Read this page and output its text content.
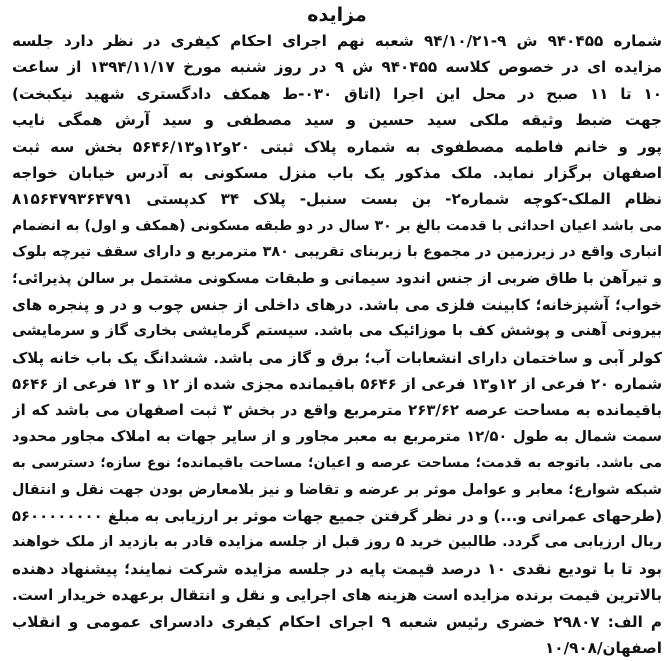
مزایده
شماره ۹۴۰۴۵۵ ش ۹-۹۴/۱۰/۲۱ شعبه نهم اجرای احکام کیفری در نظر دارد جلسه
مزایده ای در خصوص کلاسه ۹۴۰۴۵۵ ش ۹ در روز شنبه مورخ ۱۳۹۴/۱۱/۱۷ از ساعت
۱۰ تا ۱۱ صبح در محل این اجرا (اتاق ۰۳۰-ط همکف دادگستری شهید نیکبخت)
جهت ضبط وثیقه ملکی سید حسین و سید مصطفی و سید آرش همگی نایب
پور و خانم فاطمه مصطفوی به شماره پلاک ثبتی ۲۰و۱۲و۵۶۴۶/۱۳ بخش سه ثبت
اصفهان برگزار نماید. ملک مذکور یک باب منزل مسکونی به آدرس خیابان خواجه
نظام الملک-کوچه شماره۲- بن بست سنبل- پلاک ۳۴ کدپستی ۸۱۵۶۴۷۹۳۶۴۷۹۱
می باشد اعیان احداثی با قدمت بالغ بر ۳۰ سال در دو طبقه مسکونی (همکف و اول) به انضمام
انباری واقع در زیرزمین در مجموع با زیربنای تقریبی ۳۸۰ مترمربع و دارای سقف تیرچه بلوک
و تیرآهن با طاق ضربی از جنس اندود سیمانی و طبقات مسکونی مشتمل بر سالن پذیرائی؛
خواب؛ آشپزخانه؛ کابینت فلزی می باشد. درهای داخلی از جنس چوب و در و پنجره های
بیرونی آهنی و پوشش کف با موزائیک می باشد. سیستم گرمایشی بخاری گاز و سرمایشی
کولر آبی و ساختمان دارای انشعابات آب؛ برق و گاز می باشد. ششدانگ یک باب خانه پلاک
شماره ۲۰ فرعی از ۱۲و۱۳ فرعی از ۵۶۴۶ باقیمانده مجزی شده از ۱۲ و ۱۳ فرعی از ۵۶۴۶
باقیمانده به مساحت عرصه ۲۶۳/۶۲ مترمربع واقع در بخش ۳ ثبت اصفهان می باشد که از
سمت شمال به طول ۱۲/۵۰ مترمربع به معبر مجاور و از سایر جهات به املاک مجاور محدود
می باشد. باتوجه به قدمت؛ مساحت عرصه و اعیان؛ مساحت باقیمانده؛ نوع سازه؛ دسترسی به
شبکه شوارع؛ معابر و عوامل موثر بر عرضه و تقاضا و نیز بلامعارض بودن جهت نقل و انتقال
(طرحهای عمرانی و...) و در نظر گرفتن جمیع جهات موثر بر ارزیابی به مبلغ ۵۶۰۰۰۰۰۰۰۰
ریال ارزیابی می گردد. طالبین خرید ۵ روز قبل از جلسه مزایده قادر به بازدید از ملک خواهند
بود تا با تودیع نقدی ۱۰ درصد قیمت پایه در جلسه مزایده شرکت نمایند؛ پیشنهاد دهنده
بالاترین قیمت برنده مزایده است هزینه های اجرایی و نقل و انتقال برعهده خریدار است.
م الف: ۲۹۸۰۷ خضری رئیس شعبه ۹ اجرای احکام کیفری دادسرای عمومی و انقلاب
اصفهان/۱۰/۹۰۸
